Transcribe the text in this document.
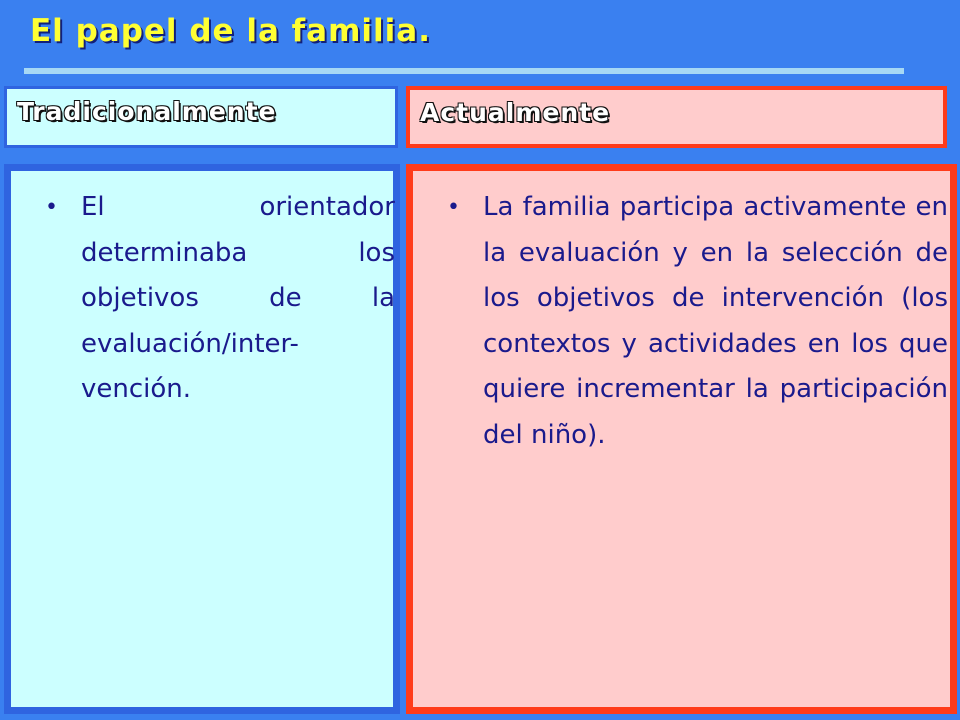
El papel de la familia.
Tradicionalmente	Actualmente
• El orientador determinaba los objetivos de la evaluación/inter-vención.
• La familia participa activamente en la evaluación y en la selección de los objetivos de intervención (los contextos y actividades en los que quiere incrementar la participación del niño).
